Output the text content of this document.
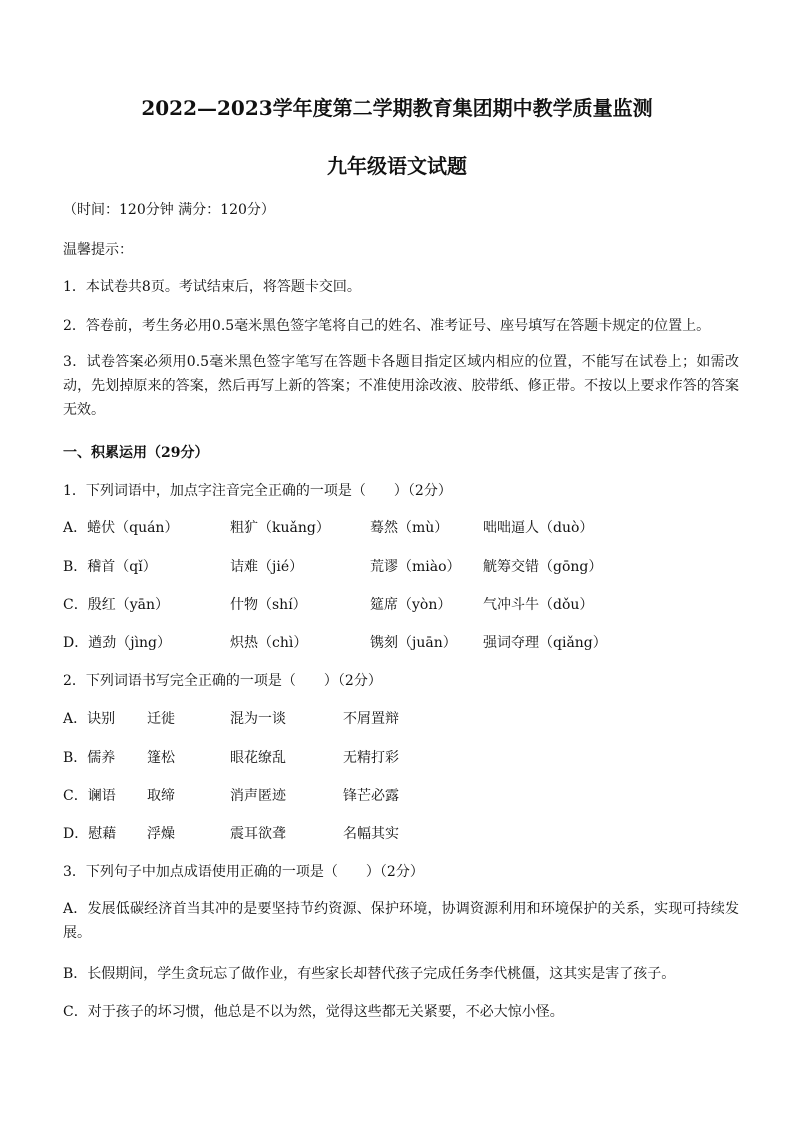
2022—2023学年度第二学期教育集团期中教学质量监测
九年级语文试题
（时间：120分钟 满分：120分）
温馨提示：
1．本试卷共8页。考试结束后，将答题卡交回。
2．答卷前，考生务必用0.5毫米黑色签字笔将自己的姓名、准考证号、座号填写在答题卡规定的位置上。
3．试卷答案必须用0.5毫米黑色签字笔写在答题卡各题目指定区域内相应的位置，不能写在试卷上；如需改动，先划掉原来的答案，然后再写上新的答案；不准使用涂改液、胶带纸、修正带。不按以上要求作答的答案无效。
一、积累运用（29分）
1．下列词语中，加点字注音完全正确的一项是（　　）（2分）
A．蜷伏（quán）	粗犷（kuǎng）	蓦然（mù） 咄咄逼人（duò）
B．稽首（qǐ）	诘难（jié）	荒谬（miào） 觥筹交错（gōng）
C．殷红（yān）	什物（shí）	筵席（yòn） 气冲斗牛（dǒu）
D．遒劲（jìng）	炽热（chì）	镌刻（juān） 强词夺理（qiǎng）
2．下列词语书写完全正确的一项是（　　）（2分）
A．诀别 迁徙	混为一谈	不屑置辩
B．儒养 篷松	眼花缭乱	无精打彩
C．谰语 取缔	消声匿迹	锋芒必露
D．慰藉 浮燥	震耳欲聋	名幅其实
3．下列句子中加点成语使用正确的一项是（　　）（2分）
A．发展低碳经济首当其冲的是要坚持节约资源、保护环境，协调资源利用和环境保护的关系，实现可持续发展。
B．长假期间，学生贪玩忘了做作业，有些家长却替代孩子完成任务李代桃僵，这其实是害了孩子。
C．对于孩子的坏习惯，他总是不以为然，觉得这些都无关紧要，不必大惊小怪。
